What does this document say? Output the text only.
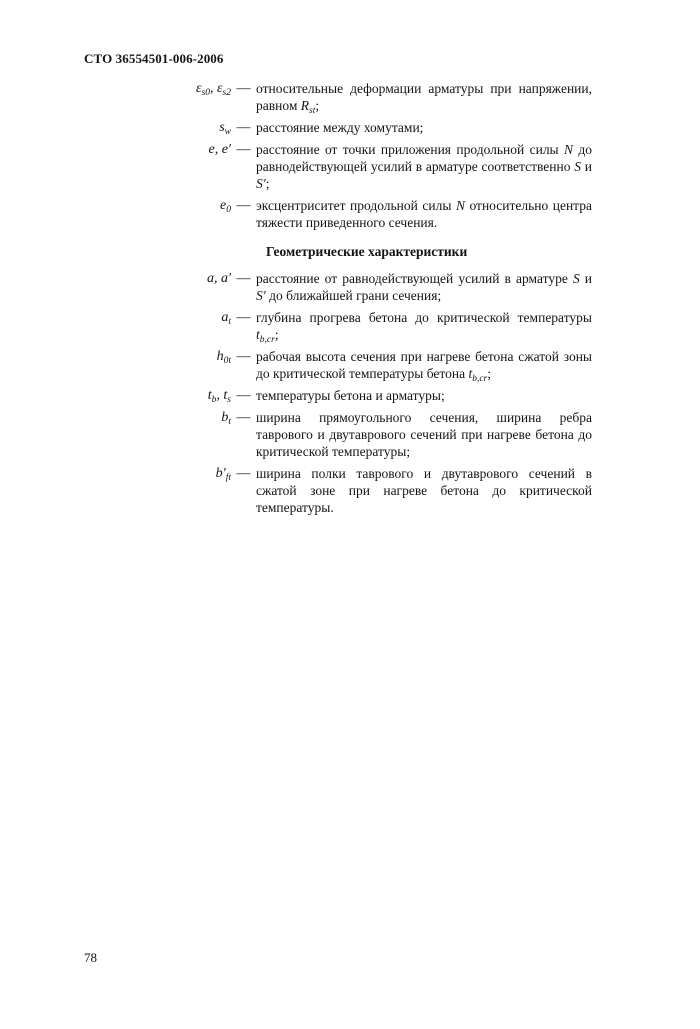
СТО 36554501-006-2006
$\varepsilon_{s0}$, $\varepsilon_{s2}$ — относительные деформации арматуры при напряжении, равном $R_{st}$;
$s_w$ — расстояние между хомутами;
e, e′ — расстояние от точки приложения продольной силы N до равнодействующей усилий в арматуре соответственно S и S′;
$e_0$ — эксцентриситет продольной силы N относительно центра тяжести приведенного сечения.
Геометрические характеристики
a, a′ — расстояние от равнодействующей усилий в арматуре S и S′ до ближайшей грани сечения;
$a_t$ — глубина прогрева бетона до критической температуры $t_{b,cr}$;
$h_{0t}$ — рабочая высота сечения при нагреве бетона сжатой зоны до критической температуры бетона $t_{b,cr}$;
$t_b$, $t_s$ — температуры бетона и арматуры;
$b_t$ — ширина прямоугольного сечения, ширина ребра таврового и двутаврового сечений при нагреве бетона до критической температуры;
$b'_{ft}$ — ширина полки таврового и двутаврового сечений в сжатой зоне при нагреве бетона до критической температуры.
78
